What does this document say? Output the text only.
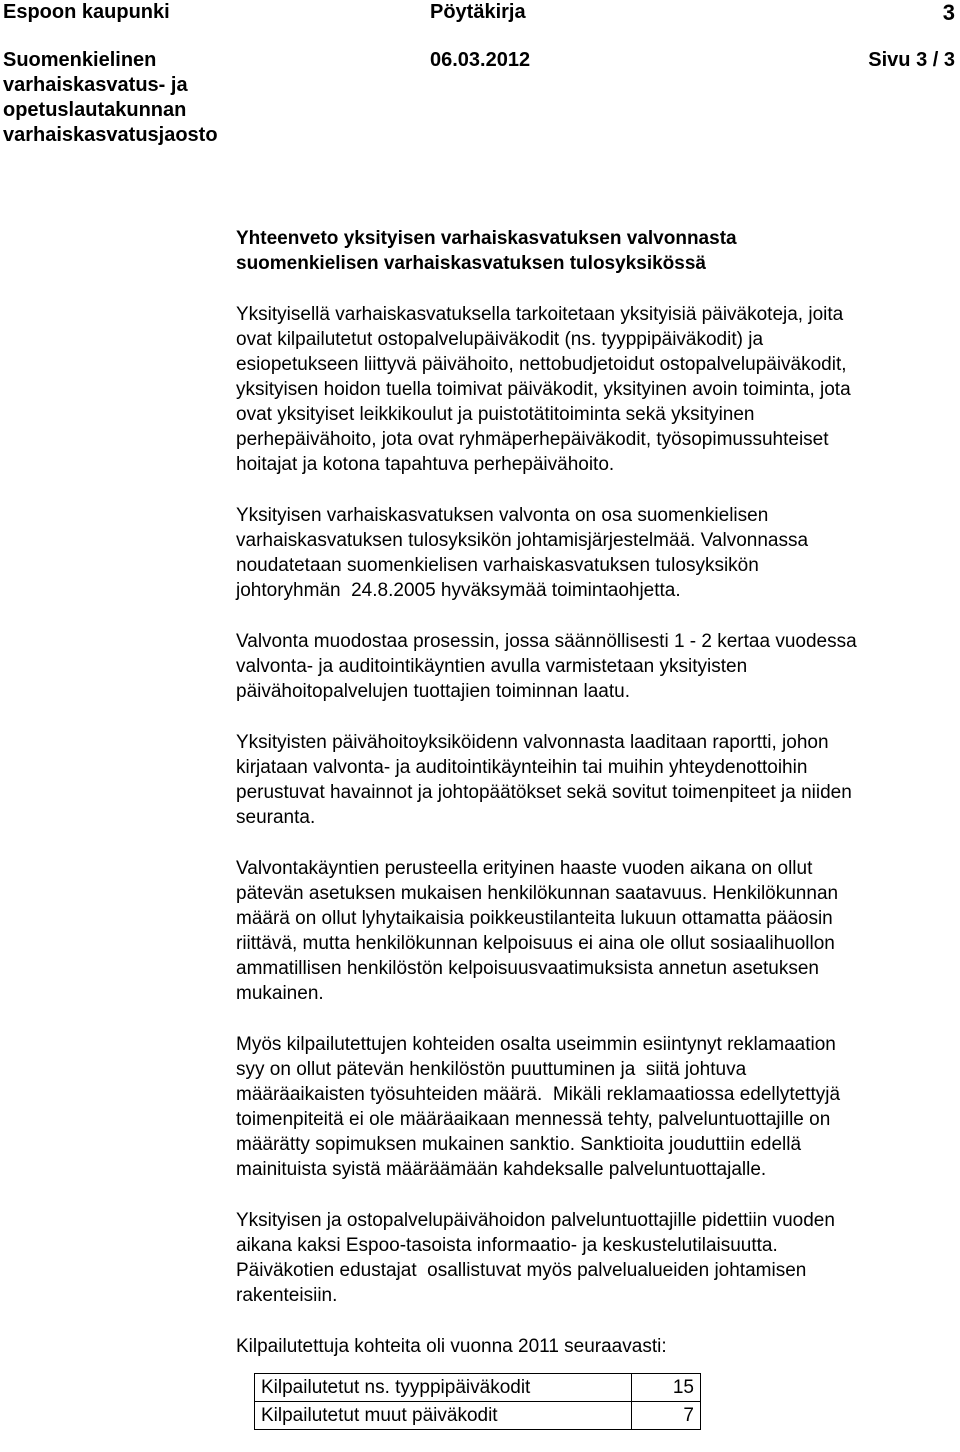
Espoon kaupunki	Pöytäkirja	3
Suomenkielinen
varhaiskasvatus- ja
opetuslautakunnan
varhaiskasvatusjaosto
06.03.2012	Sivu 3 / 3
Yhteenveto yksityisen varhaiskasvatuksen valvonnasta
suomenkielisen varhaiskasvatuksen tulosyksikössä
Yksityisellä varhaiskasvatuksella tarkoitetaan yksityisiä päiväkoteja, joita
ovat kilpailutetut ostopalvelupäiväkodit (ns. tyyppipäiväkodit) ja
esiopetukseen liittyvä päivähoito, nettobudjetoidut ostopalvelupäiväkodit,
yksityisen hoidon tuella toimivat päiväkodit, yksityinen avoin toiminta, jota
ovat yksityiset leikkikoulut ja puistotätitoiminta sekä yksityinen
perhepäivähoito, jota ovat ryhmäperhepäiväkodit, työsopimussuhteiset
hoitajat ja kotona tapahtuva perhepäivähoito.
Yksityisen varhaiskasvatuksen valvonta on osa suomenkielisen
varhaiskasvatuksen tulosyksikön johtamisjärjestelmää. Valvonnassa
noudatetaan suomenkielisen varhaiskasvatuksen tulosyksikön
johtoryhmän  24.8.2005 hyväksymää toimintaohjetta.
Valvonta muodostaa prosessin, jossa säännöllisesti 1 - 2 kertaa vuodessa
valvonta- ja auditointikäyntien avulla varmistetaan yksityisten
päivähoitopalvelujen tuottajien toiminnan laatu.
Yksityisten päivähoitoyksiköidenn valvonnasta laaditaan raportti, johon
kirjataan valvonta- ja auditointikäynteihin tai muihin yhteydenottoihin
perustuvat havainnot ja johtopäätökset sekä sovitut toimenpiteet ja niiden
seuranta.
Valvontakäyntien perusteella erityinen haaste vuoden aikana on ollut
pätevän asetuksen mukaisen henkilökunnan saatavuus. Henkilökunnan
määrä on ollut lyhytaikaisia poikkeustilanteita lukuun ottamatta pääosin
riittävä, mutta henkilökunnan kelpoisuus ei aina ole ollut sosiaalihuollon
ammatillisen henkilöstön kelpoisuusvaatimuksista annetun asetuksen
mukainen.
Myös kilpailutettujen kohteiden osalta useimmin esiintynyt reklamaation
syy on ollut pätevän henkilöstön puuttuminen ja  siitä johtuva
määräaikaisten työsuhteiden määrä.  Mikäli reklamaatiossa edellytettyjä
toimenpiteitä ei ole määräaikaan mennessä tehty, palveluntuottajille on
määrätty sopimuksen mukainen sanktio. Sanktioita jouduttiin edellä
mainituista syistä määräämään kahdeksalle palveluntuottajalle.
Yksityisen ja ostopalvelupäivähoidon palveluntuottajille pidettiin vuoden
aikana kaksi Espoo-tasoista informaatio- ja keskustelutilaisuutta.
Päiväkotien edustajat  osallistuvat myös palvelualueiden johtamisen
rakenteisiin.
Kilpailutettuja kohteita oli vuonna 2011 seuraavasti:
Kilpailutetut ns. tyyppipäiväkodit	15
Kilpailutetut muut päiväkodit	7
